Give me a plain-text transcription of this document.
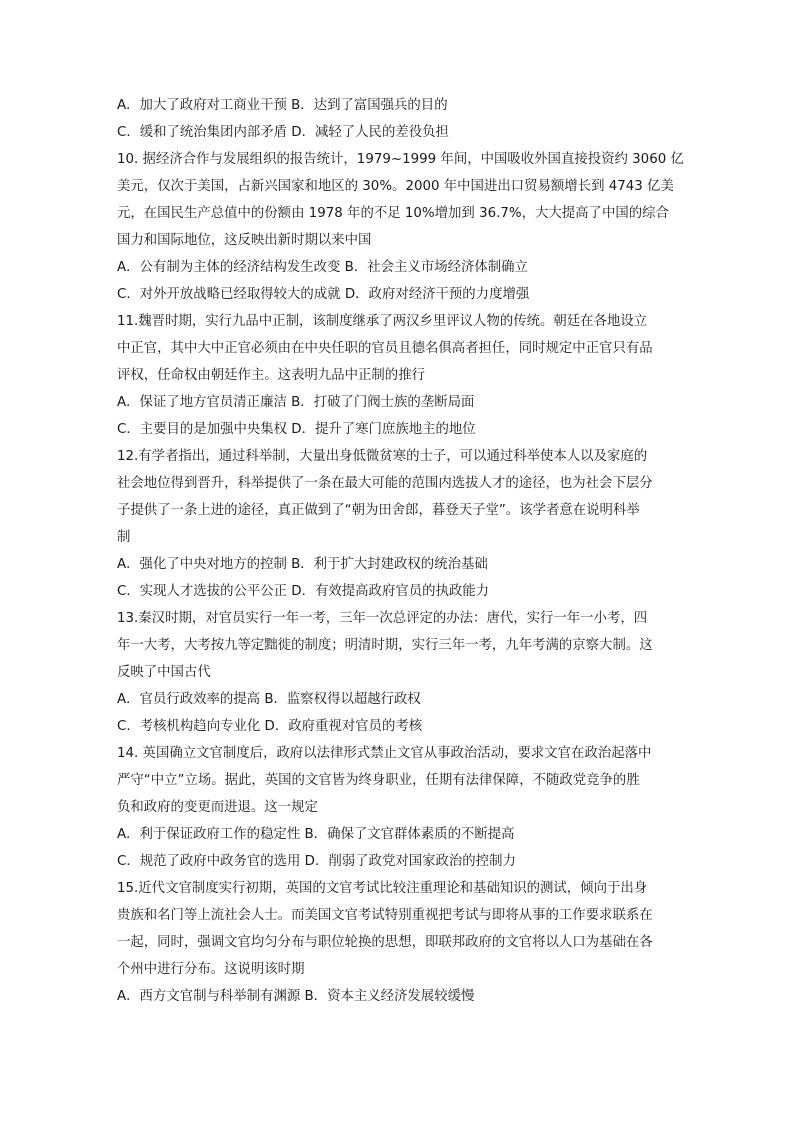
A．加大了政府对工商业干预 B．达到了富国强兵的目的
C．缓和了统治集团内部矛盾 D．减轻了人民的差役负担
10. 据经济合作与发展组织的报告统计，1979~1999 年间，中国吸收外国直接投资约 3060 亿
美元，仅次于美国，占新兴国家和地区的 30%。2000 年中国进出口贸易额增长到 4743 亿美
元，在国民生产总值中的份额由 1978 年的不足 10%增加到 36.7%，大大提高了中国的综合
国力和国际地位，这反映出新时期以来中国
A．公有制为主体的经济结构发生改变 B．社会主义市场经济体制确立
C．对外开放战略已经取得较大的成就 D．政府对经济干预的力度增强
11.魏晋时期，实行九品中正制，该制度继承了两汉乡里评议人物的传统。朝廷在各地设立
中正官，其中大中正官必须由在中央任职的官员且德名俱高者担任，同时规定中正官只有品
评权，任命权由朝廷作主。这表明九品中正制的推行
A．保证了地方官员清正廉洁 B．打破了门阀士族的垄断局面
C．主要目的是加强中央集权 D．提升了寒门庶族地主的地位
12.有学者指出，通过科举制，大量出身低微贫寒的士子，可以通过科举使本人以及家庭的
社会地位得到晋升，科举提供了一条在最大可能的范围内选拔人才的途径，也为社会下层分
子提供了一条上进的途径，真正做到了“朝为田舍郎，暮登天子堂”。该学者意在说明科举
制
A．强化了中央对地方的控制 B．利于扩大封建政权的统治基础
C．实现人才选拔的公平公正 D．有效提高政府官员的执政能力
13.秦汉时期，对官员实行一年一考，三年一次总评定的办法：唐代，实行一年一小考，四
年一大考，大考按九等定黜徙的制度；明清时期，实行三年一考，九年考满的京察大制。这
反映了中国古代
A．官员行政效率的提高 B．监察权得以超越行政权
C．考核机构趋向专业化 D．政府重视对官员的考核
14. 英国确立文官制度后，政府以法律形式禁止文官从事政治活动，要求文官在政治起落中
严守“中立”立场。据此，英国的文官皆为终身职业，任期有法律保障，不随政党竞争的胜
负和政府的变更而进退。这一规定
A．利于保证政府工作的稳定性 B．确保了文官群体素质的不断提高
C．规范了政府中政务官的选用 D．削弱了政党对国家政治的控制力
15.近代文官制度实行初期，英国的文官考试比较注重理论和基础知识的测试，倾向于出身
贵族和名门等上流社会人士。而美国文官考试特别重视把考试与即将从事的工作要求联系在
一起，同时，强调文官均匀分布与职位轮换的思想，即联邦政府的文官将以人口为基础在各
个州中进行分布。这说明该时期
A．西方文官制与科举制有渊源 B．资本主义经济发展较缓慢
